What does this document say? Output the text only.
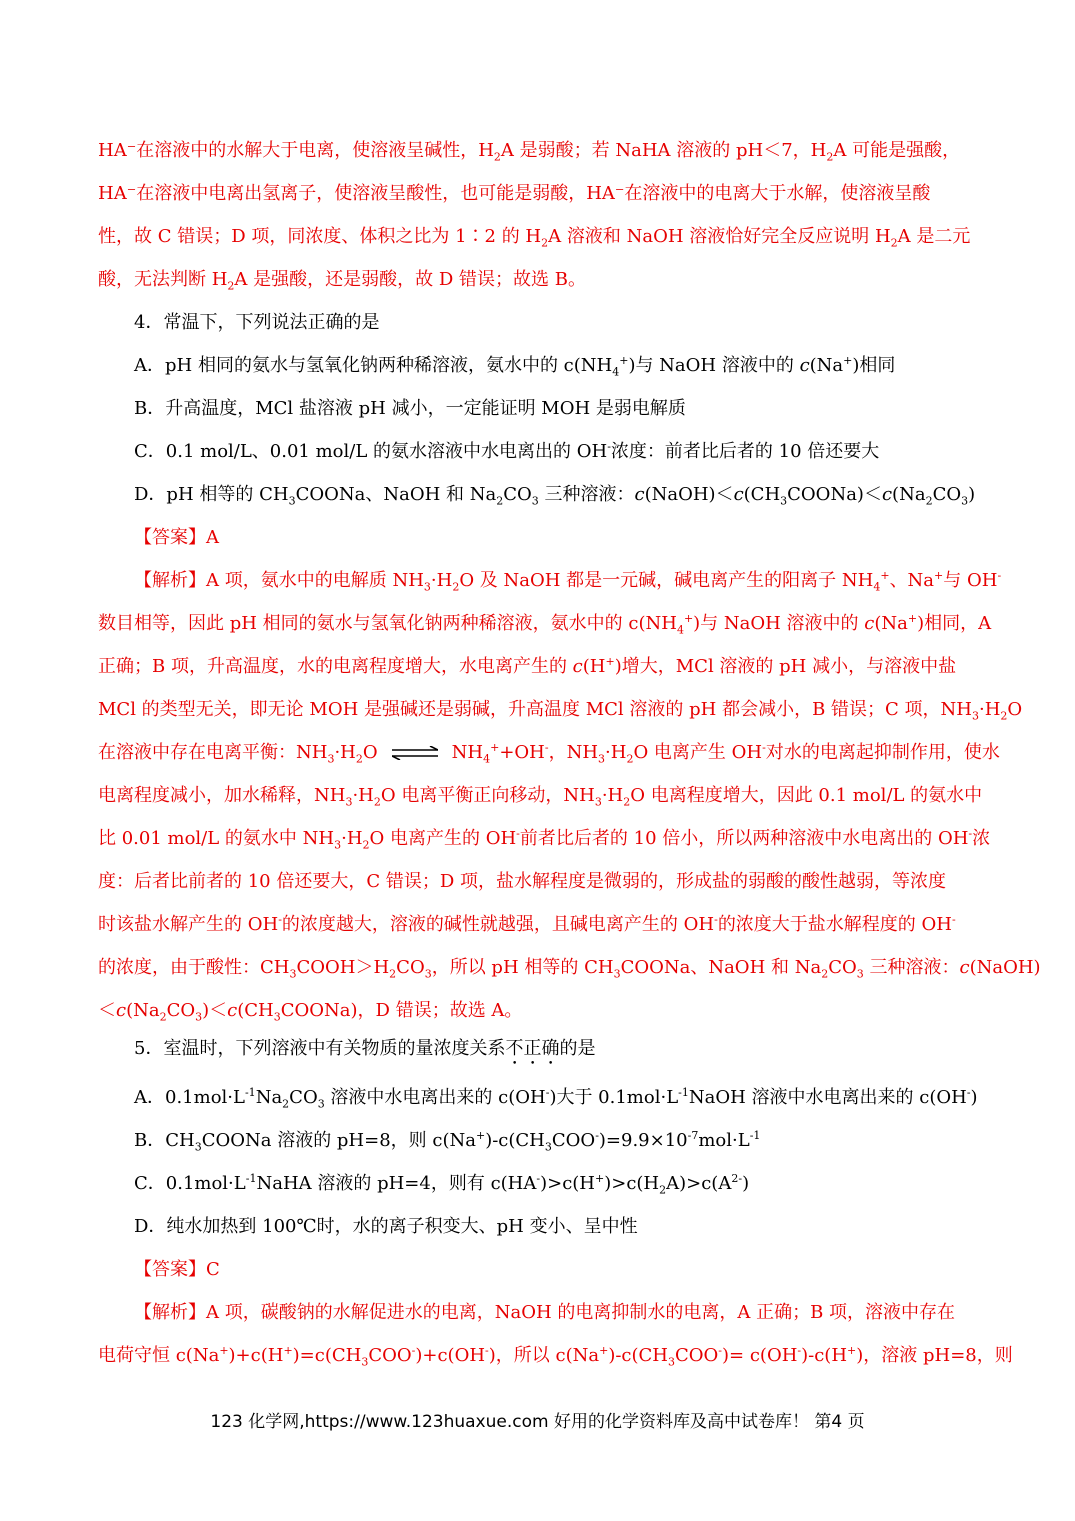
HA⁻在溶液中的水解大于电离，使溶液呈碱性，$H_2A$ 是弱酸；若 NaHA 溶液的 pH＜7，$H_2A$ 可能是强酸，
HA⁻在溶液中电离出氢离子，使溶液呈酸性，也可能是弱酸，HA⁻在溶液中的电离大于水解，使溶液呈酸
性，故 C 错误；D 项，同浓度、体积之比为 1∶2 的 $H_2A$ 溶液和 NaOH 溶液恰好完全反应说明 $H_2A$ 是二元
酸，无法判断 $H_2A$ 是强酸，还是弱酸，故 D 错误；故选 B。
4．常温下，下列说法正确的是
A．pH 相同的氨水与氢氧化钠两种稀溶液，氨水中的 $c(NH_4^+)$与 NaOH 溶液中的 c(Na+)相同
B．升高温度，MCl 盐溶液 pH 减小，一定能证明 MOH 是弱电解质
C．0.1 mol/L、0.01 mol/L 的氨水溶液中水电离出的 OH-浓度：前者比后者的 10 倍还要大
D．pH 相等的 $CH_3COONa$、NaOH 和 $Na_2CO_3$ 三种溶液：$c(NaOH)<c(CH_3COONa)<c(Na_2CO_3)$
【答案】A
【解析】A 项，氨水中的电解质 $NH_3\cdot H_2O$ 及 NaOH 都是一元碱，碱电离产生的阳离子 $NH_4^+$、Na+与 OH-
数目相等，因此 pH 相同的氨水与氢氧化钠两种稀溶液，氨水中的 $c(NH_4^+)$与 NaOH 溶液中的 c(Na+)相同，A
正确；B 项，升高温度，水的电离程度增大，水电离产生的 c(H+)增大，MCl 溶液的 pH 减小，与溶液中盐
MCl 的类型无关，即无论 MOH 是强碱还是弱碱，升高温度 MCl 溶液的 pH 都会减小，B 错误；C 项，$NH_3\cdot H_2O$
在溶液中存在电离平衡：$NH_3\cdot H_2O$ ⇌ $NH_4^++OH^-$，$NH_3\cdot H_2O$ 电离产生 OH-对水的电离起抑制作用，使水
电离程度减小，加水稀释，$NH_3\cdot H_2O$ 电离平衡正向移动，$NH_3\cdot H_2O$ 电离程度增大，因此 0.1 mol/L 的氨水中
比 0.01 mol/L 的氨水中 $NH_3\cdot H_2O$ 电离产生的 OH-前者比后者的 10 倍小，所以两种溶液中水电离出的 OH-浓
度：后者比前者的 10 倍还要大，C 错误；D 项，盐水解程度是微弱的，形成盐的弱酸的酸性越弱，等浓度
时该盐水解产生的 OH-的浓度越大，溶液的碱性就越强，且碱电离产生的 OH-的浓度大于盐水解程度的 OH-
的浓度，由于酸性：$CH_3COOH>H_2CO_3$，所以 pH 相等的 $CH_3COONa$、NaOH 和 $Na_2CO_3$ 三种溶液：c(NaOH)
$<c(Na_2CO_3)<c(CH_3COONa)$，D 错误；故选 A。
5．室温时，下列溶液中有关物质的量浓度关系不正确的是
A．$0.1mol\cdot L^{-1}Na_2CO_3$ 溶液中水电离出来的 c(OH-)大于 $0.1mol\cdot L^{-1}NaOH$ 溶液中水电离出来的 c(OH-)
B．$CH_3COONa$ 溶液的 pH=8，则 $c(Na^+)-c(CH_3COO^-)=9.9\times 10^{-7}mol\cdot L^{-1}$
C．$0.1mol\cdot L^{-1}NaHA$ 溶液的 pH=4，则有 $c(HA^-)>c(H^+)>c(H_2A)>c(A^{2-})$
D．纯水加热到 100℃时，水的离子积变大、pH 变小、呈中性
【答案】C
【解析】A 项，碳酸钠的水解促进水的电离，NaOH 的电离抑制水的电离，A 正确；B 项，溶液中存在
电荷守恒 $c(Na^+)+c(H^+)=c(CH_3COO^-)+c(OH^-)$，所以 $c(Na^+)-c(CH_3COO^-)= c(OH^-)-c(H^+)$，溶液 pH=8，则
123 化学网,https://www.123huaxue.com 好用的化学资料库及高中试卷库！ 第4 页
